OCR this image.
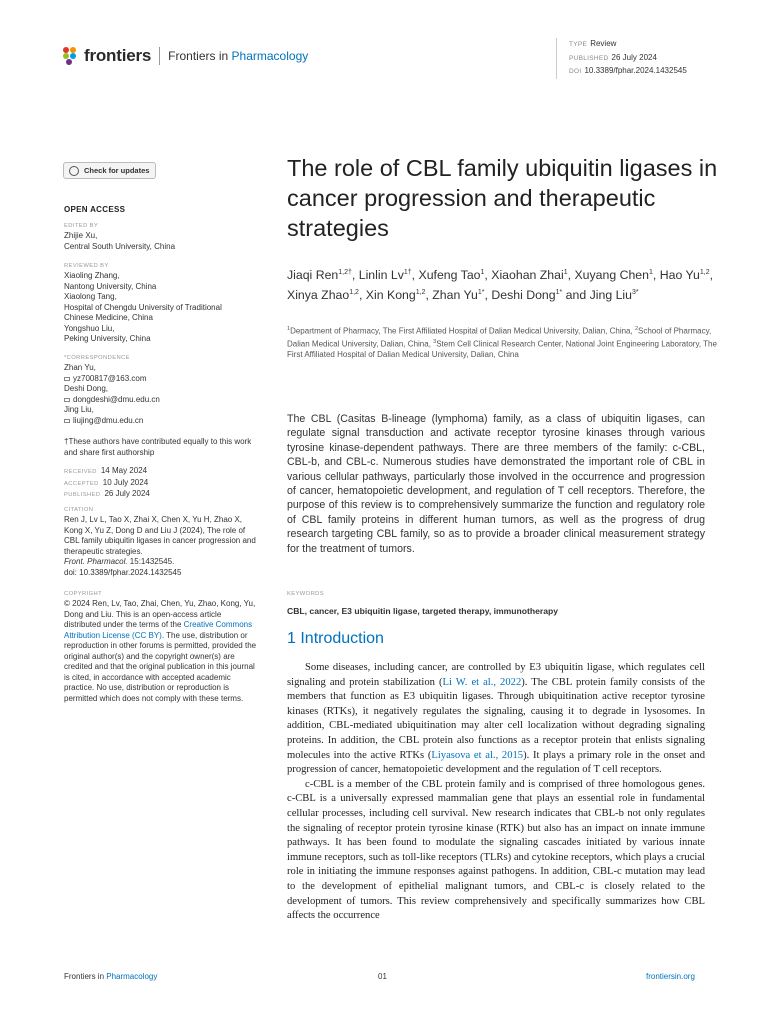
frontiers Frontiers in Pharmacology
TYPE Review
PUBLISHED 26 July 2024
DOI 10.3389/fphar.2024.1432545
Check for updates
OPEN ACCESS
EDITED BY
Zhijie Xu,
Central South University, China
REVIEWED BY
Xiaoling Zhang,
Nantong University, China
Xiaolong Tang,
Hospital of Chengdu University of Traditional
Chinese Medicine, China
Yongshuo Liu,
Peking University, China
*CORRESPONDENCE
Zhan Yu,
yz700817@163.com
Deshi Dong,
dongdeshi@dmu.edu.cn
Jing Liu,
liujing@dmu.edu.cn
†These authors have contributed equally to this work and share first authorship
RECEIVED 14 May 2024
ACCEPTED 10 July 2024
PUBLISHED 26 July 2024
CITATION
Ren J, Lv L, Tao X, Zhai X, Chen X, Yu H, Zhao X, Kong X, Yu Z, Dong D and Liu J (2024), The role of CBL family ubiquitin ligases in cancer progression and therapeutic strategies.
Front. Pharmacol. 15:1432545.
doi: 10.3389/fphar.2024.1432545
COPYRIGHT
© 2024 Ren, Lv, Tao, Zhai, Chen, Yu, Zhao, Kong, Yu, Dong and Liu. This is an open-access article distributed under the terms of the Creative Commons Attribution License (CC BY). The use, distribution or reproduction in other forums is permitted, provided the original author(s) and the copyright owner(s) are credited and that the original publication in this journal is cited, in accordance with accepted academic practice. No use, distribution or reproduction is permitted which does not comply with these terms.
The role of CBL family ubiquitin ligases in cancer progression and therapeutic strategies
Jiaqi Ren$^{1,2\dagger}$, Linlin $Lv^{1\dagger}$, Xufeng Tao$^1$, Xiaohan Zhai$^1$, Xuyang Chen$^1$, Hao Yu$^{1,2}$, Xinya Zhao$^{1,2}$, Xin Kong$^{1,2}$, Zhan $Yu^{1*}$, Deshi Dong$^{1*}$ and Jing Liu$^{3*}$
$^1$Department of Pharmacy, The First Affiliated Hospital of Dalian Medical University, Dalian, China, $^2$School of Pharmacy, Dalian Medical University, Dalian, China, $^3$Stem Cell Clinical Research Center, National Joint Engineering Laboratory, The First Affiliated Hospital of Dalian Medical University, Dalian, China
The CBL (Casitas B-lineage (lymphoma) family, as a class of ubiquitin ligases, can regulate signal transduction and activate receptor tyrosine kinases through various tyrosine kinase-dependent pathways. There are three members of the family: c-CBL, CBL-b, and CBL-c. Numerous studies have demonstrated the important role of CBL in various cellular pathways, particularly those involved in the occurrence and progression of cancer, hematopoietic development, and regulation of T cell receptors. Therefore, the purpose of this review is to comprehensively summarize the function and regulatory role of CBL family proteins in different human tumors, as well as the progress of drug research targeting CBL family, so as to provide a broader clinical measurement strategy for the treatment of tumors.
KEYWORDS
CBL, cancer, E3 ubiquitin ligase, targeted therapy, immunotherapy
1 Introduction

Some diseases, including cancer, are controlled by E3 ubiquitin ligase, which regulates cell signaling and protein stabilization (Li W. et al., 2022). The CBL protein family consists of the members that function as E3 ubiquitin ligases. Through ubiquitination active receptor tyrosine kinases (RTKs), it negatively regulates the signaling, causing it to degrade in lysosomes. In addition, CBL-mediated ubiquitination may alter cell localization without degrading signaling proteins. In addition, the CBL protein also functions as a receptor protein that enlists signaling molecules into the active RTKs (Liyasova et al., 2015). It plays a primary role in the onset and progression of cancer, hematopoietic development and the regulation of T cell receptors.

c-CBL is a member of the CBL protein family and is comprised of three homologous genes. c-CBL is a universally expressed mammalian gene that plays an essential role in fundamental cellular processes, including cell survival. New research indicates that CBL-b not only regulates the signaling of receptor protein tyrosine kinase (RTK) but also has an impact on innate immune pathways. It has been found to modulate the signaling cascades initiated by various innate immune receptors, such as toll-like receptors (TLRs) and cytokine receptors, which plays a crucial role in initiating the immune responses against pathogens. In addition, CBL-c mutation may lead to the development of epithelial malignant tumors, and CBL-c is closely related to the development of tumors. This review comprehensively and specifically summarizes how CBL affects the occurrence

Frontiers in Pharmacology	01	frontiersin.org
